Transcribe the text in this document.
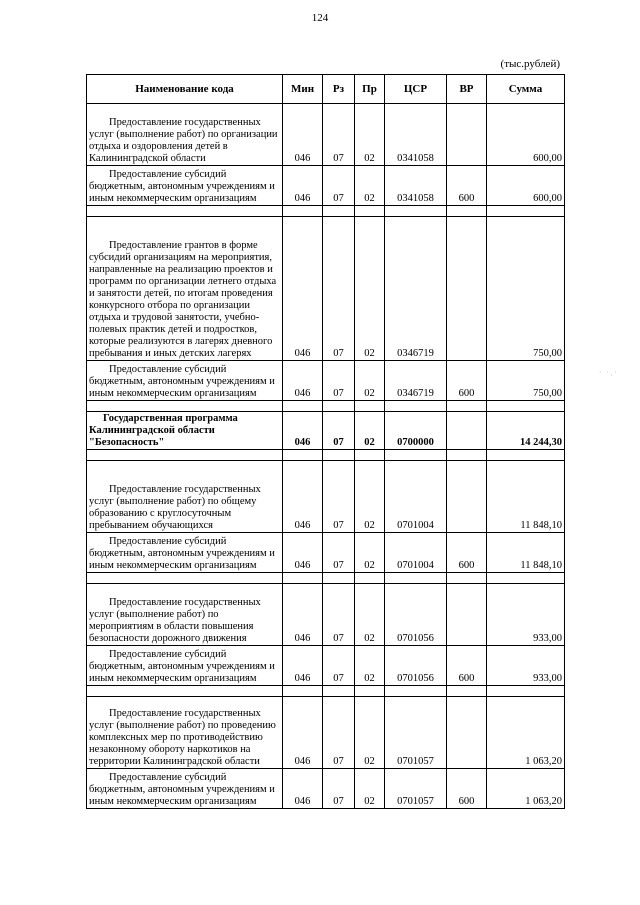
124
(тыс.рублей)
Наименование кода	Мин	Рз	Пр	ЦСР	ВР	Сумма

Предоставление государственных услуг (выполнение работ) по организации отдыха и оздоровления детей в Калининградской области	046	07	02	0341058		600,00

Предоставление субсидий бюджетным, автономным учреждениям и иным некоммерческим организациям	046	07	02	0341058	600	600,00

Предоставление грантов в форме субсидий организациям на мероприятия, направленные на реализацию проектов и программ по организации летнего отдыха и занятости детей, по итогам проведения конкурсного отбора по организации отдыха и трудовой занятости, учебно-полевых практик детей и подростков, которые реализуются в лагерях дневного пребывания и иных детских лагерях	046	07	02	0346719		750,00

Предоставление субсидий бюджетным, автономным учреждениям и иным некоммерческим организациям	046	07	02	0346719	600	750,00

Государственная программа Калининградской области "Безопасность"	046	07	02	0700000		14 244,30

Предоставление государственных услуг (выполнение работ) по общему образованию с круглосуточным пребыванием обучающихся	046	07	02	0701004		11 848,10

Предоставление субсидий бюджетным, автономным учреждениям и иным некоммерческим организациям	046	07	02	0701004	600	11 848,10

Предоставление государственных услуг (выполнение работ) по мероприятиям в области повышения безопасности дорожного движения	046	07	02	0701056		933,00

Предоставление субсидий бюджетным, автономным учреждениям и иным некоммерческим организациям	046	07	02	0701056	600	933,00

Предоставление государственных услуг (выполнение работ) по проведению комплексных мер по противодействию незаконному обороту наркотиков на территории Калининградской области	046	07	02	0701057		1 063,20

Предоставление субсидий бюджетным, автономным учреждениям и иным некоммерческим организациям	046	07	02	0701057	600	1 063,20
˙ ˙·˙
